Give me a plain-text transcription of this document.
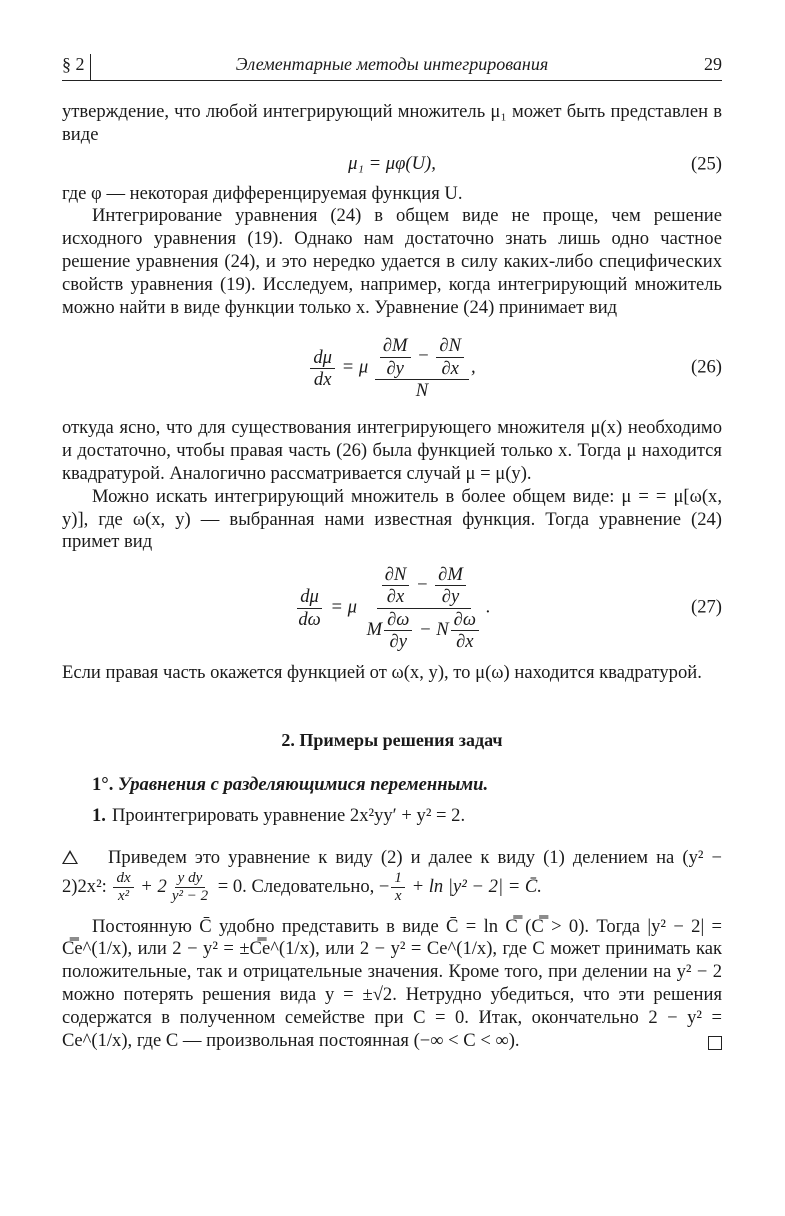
§ 2	Элементарные методы интегрирования	29

утверждение, что любой интегрирующий множитель μ₁ может быть представлен в виде

μ₁ = μφ(U),	(25)

где φ — некоторая дифференцируемая функция U.

Интегрирование уравнения (24) в общем виде не проще, чем решение исходного уравнения (19). Однако нам достаточно знать лишь одно частное решение уравнения (24), и это нередко удается в силу каких-либо специфических свойств уравнения (19). Исследуем, например, когда интегрирующий множитель можно найти в виде функции только x. Уравнение (24) принимает вид

$\frac{d\mu}{dx} = \mu \frac{\frac{\partial M}{\partial y} - \frac{\partial N}{\partial x}}{N}$ ,	(26)

откуда ясно, что для существования интегрирующего множителя μ(x) необходимо и достаточно, чтобы правая часть (26) была функцией только x. Тогда μ находится квадратурой. Аналогично рассматривается случай μ = μ(y).

Можно искать интегрирующий множитель в более общем виде: μ = = μ[ω(x, y)], где ω(x, y) — выбранная нами известная функция. Тогда уравнение (24) примет вид

$\frac{d\mu}{d\omega} = \mu \frac{\frac{\partial N}{\partial x} - \frac{\partial M}{\partial y}}{M \frac{\partial\omega}{\partial y} - N \frac{\partial\omega}{\partial x}}$ .	(27)

Если правая часть окажется функцией от ω(x, y), то μ(ω) находится квадратурой.

2. Примеры решения задач
1°. Уравнения с разделяющимися переменными.
1. Проинтегрировать уравнение 2x²yy′ + y² = 2.

Приведем это уравнение к виду (2) и далее к виду (1) делением на (y² − 2)2x²: $\frac{dx}{\text{x²}} + 2 \frac{\text{y dy}}{\text{y² − 2}} = 0$. Следовательно, − $\frac{1}{x} + \ln |y^2 - 2|$ = C̄.

Постоянную C̄ удобно представить в виде C̄ = ln C̿ (C̿ > 0). Тогда |y² − 2| = C̿e^(1/x), или 2 − y² = ±C̿e^(1/x), или 2 − y² = Ce^(1/x), где C может принимать как положительные, так и отрицательные значения. Кроме того, при делении на y² − 2 можно потерять решения вида y = ±√2. Нетрудно убедиться, что эти решения содержатся в полученном семействе при C = 0. Итак, окончательно 2 − y² = Ce^(1/x), где C — произвольная постоянная (−∞ < C < ∞).
